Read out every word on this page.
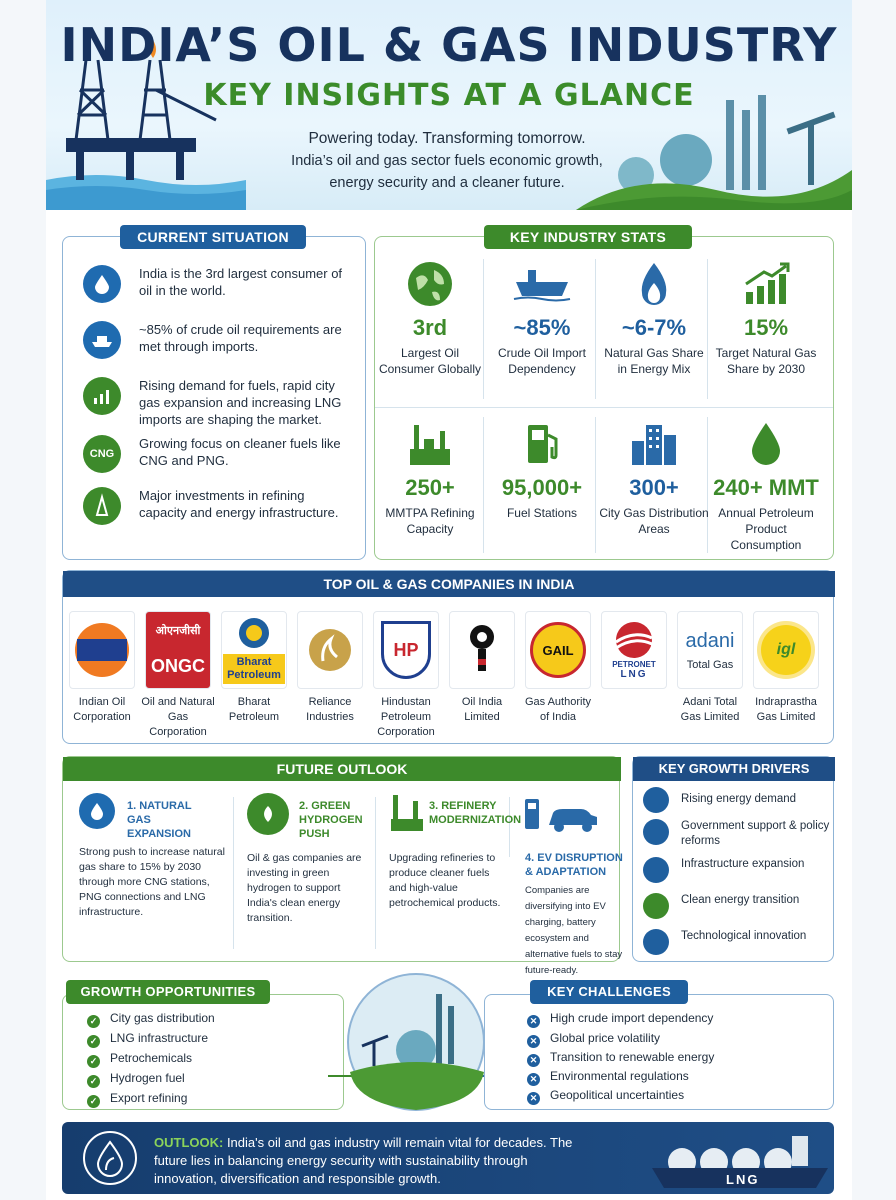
INDIA’S OIL & GAS INDUSTRY
KEY INSIGHTS AT A GLANCE
Powering today. Transforming tomorrow.
India’s oil and gas sector fuels economic growth,
energy security and a cleaner future.
India is the 3rd largest consumer of oil in the world.
~85% of crude oil requirements are met through imports.
Rising demand for fuels, rapid city gas expansion and increasing LNG imports are shaping the market.
CNG
Growing focus on cleaner fuels like CNG and PNG.
Major investments in refining capacity and energy infrastructure.
CURRENT SITUATION
3rd
Largest Oil Consumer Globally
~85%
Crude Oil Import Dependency
~6-7%
Natural Gas Share in Energy Mix
15%
Target Natural Gas Share by 2030
250+
MMTPA Refining Capacity
95,000+
Fuel Stations
300+
City Gas Distribution Areas
240+ MMT
Annual Petroleum Product Consumption
KEY INDUSTRY STATS
TOP OIL & GAS COMPANIES IN INDIA
Indian Oil Corporation
ओएनजीसी
ONGC
Oil and Natural Gas Corporation
Bharat
Petroleum
Bharat Petroleum
Reliance Industries
HP
Hindustan Petroleum Corporation
Oil India Limited
GAIL
Gas Authority of India
PETRONET
LNG
adani
Total Gas
Adani Total Gas Limited
igl
Indraprastha Gas Limited
FUTURE OUTLOOK
1. NATURAL GAS EXPANSION
Strong push to increase natural gas share to 15% by 2030 through more CNG stations, PNG connections and LNG infrastructure.
2. GREEN HYDROGEN PUSH
Oil & gas companies are investing in green hydrogen to support India's clean energy transition.
3. REFINERY MODERNIZATION
Upgrading refineries to produce cleaner fuels and high-value petrochemical products.
4. EV DISRUPTION & ADAPTATION
Companies are diversifying into EV charging, battery ecosystem and alternative fuels to stay future-ready.
KEY GROWTH DRIVERS
Rising energy demand
Government support & policy reforms
Infrastructure expansion
Clean energy transition
Technological innovation
✓ City gas distribution
✓ LNG infrastructure
✓ Petrochemicals
✓ Hydrogen fuel
✓ Export refining
GROWTH OPPORTUNITIES
✕ High crude import dependency
✕ Global price volatility
✕ Transition to renewable energy
✕ Environmental regulations
✕ Geopolitical uncertainties
KEY CHALLENGES
OUTLOOK: India's oil and gas industry will remain vital for decades. The future lies in balancing energy security with sustainability through innovation, diversification and responsible growth.	LNG
